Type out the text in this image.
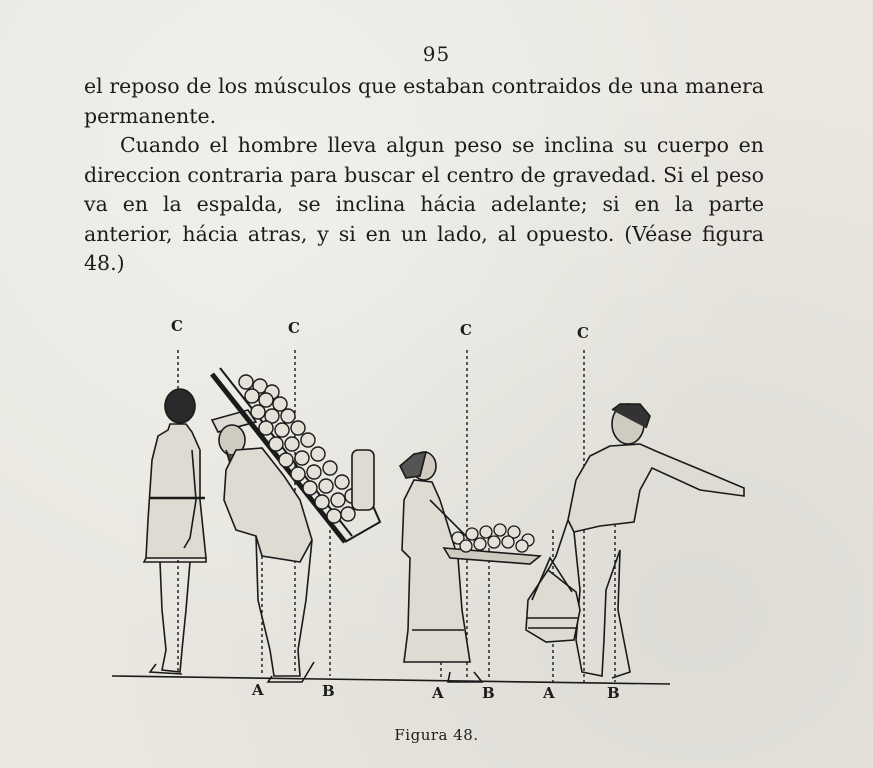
95

el reposo de los músculos que estaban contraidos de una manera permanente.

Cuando el hombre lleva algun peso se inclina su cuerpo en direccion contraria para buscar el centro de gravedad. Si el peso va en la espalda, se inclina hácia adelante; si en la parte anterior, hácia atras, y si en un lado, al opuesto. (Véase figura 48.)

C	C	C	C
A	B	A	B	A	B
Figura 48.
